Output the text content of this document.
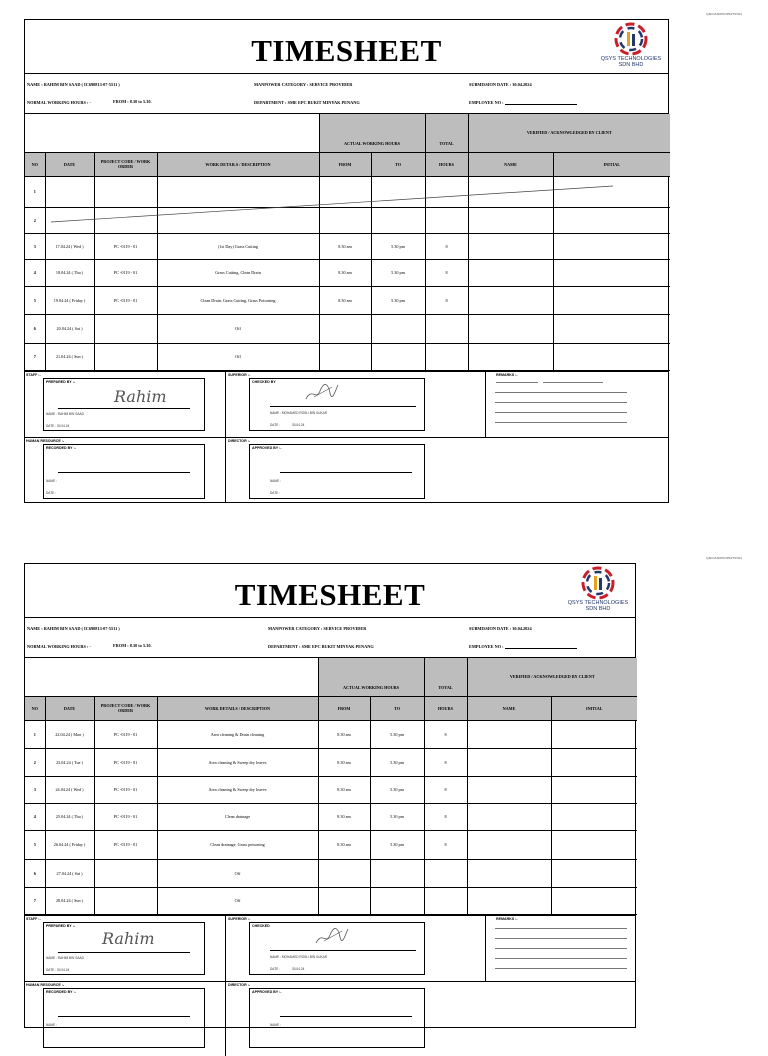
Q&FO/HR/PFORM/TS/001
Q&FO/HR/PFORM/TS/001
TIMESHEET	QSYS TECHNOLOGIES
SDN BHD
NAME : RAHIM BIN SAAD ( IC690813-07-5511 )
NORMAL WORKING HOURS : -	FROM : 8.30 to 5.30.
MANPOWER CATEGORY : SERVICE PROVIDER
DEPARTMENT : SME EPC BUKIT MINYAK PENANG
SUBMISSION DATE : 30.04.2024
EMPLOYEE NO :
				ACTUAL WORKING HOURS		TOTAL	VERIFIED / ACKNOWLEDGED BY CLIENT	
NO	DATE	PROJECT CODE / WORK ORDER	WORK DETAILS / DESCRIPTION	FROM	TO	HOURS	NAME	INITIAL
1								
2								
3	17.04.24 ( Wed )	PC -0119 - 01	(1st Day) Grass Cutting	8.30 am	5.30 pm	8		
4	18.04.24 ( Thu )	PC -0119 - 01	Grass Cutting, Clean Drain	8.30 am	5.30 pm	8		
5	19.04.24 ( Friday )	PC -0119 - 01	Clean Drain, Grass Cutting, Grass Poisoning	8.30 am	5.30 pm	8		
6	20.04.24 ( Sat )		Off					
7	21.04.24 ( Sun )		Off					
STAFF :-
PREPARED BY :-
Rahim
NAME : RAHIM BIN SAAD
DATE : 30.04.24
SUPERIOR :-
CHECKED BY
NAME : MOHAMED ROSLI BIN SUKAR
DATE :	30.04.24
REMARKS :-
HUMAN RESOURCE :-
RECORDED BY :-
NAME :
DATE :
DIRECTOR :-
APPROVED BY :-
NAME :
DATE :
TIMESHEET	QSYS TECHNOLOGIES
SDN BHD
NAME : RAHIM BIN SAAD ( IC690813-07-5511 )
NORMAL WORKING HOURS : -	FROM : 8.30 to 5.30.
MANPOWER CATEGORY : SERVICE PROVIDER
DEPARTMENT : SME EPC BUKIT MINYAK PENANG
SUBMISSION DATE : 30.04.2024
EMPLOYEE NO :
				ACTUAL WORKING HOURS		TOTAL	VERIFIED / ACKNOWLEDGED BY CLIENT	
NO	DATE	PROJECT CODE / WORK ORDER	WORK DETAILS / DESCRIPTION	FROM	TO	HOURS	NAME	INITIAL
1	22.04.24 ( Mon )	PC -0119 - 01	Area cleaning & Drain cleaning	8.30 am	5.30 pm	8		
2	23.04.24 ( Tue )	PC -0119 - 01	Area cleaning & Sweep dry leaves	8.30 am	5.30 pm	8		
3	24.04.24 ( Wed )	PC -0119 - 01	Area cleaning & Sweep dry leaves	8.30 am	5.30 pm	8		
4	25.04.24 ( Thu )	PC -0119 - 01	Clean drainage	8.30 am	5.30 pm	8		
5	26.04.24 ( Friday )	PC -0119 - 01	Clean drainage, Grass poisoning	8.30 am	5.30 pm	8		
6	27.04.24 ( Sat )		Off					
7	28.04.24 ( Sun )		Off					
STAFF :-
PREPARED BY :-
Rahim
NAME : RAHIM BIN SAAD
DATE : 30.04.24
SUPERIOR :-
CHECKED
NAME : MOHAMED ROSLI BIN SUKAR
DATE :	30.04.24
REMARKS :-
HUMAN RESOURCE :-
RECORDED BY :-
NAME :
DIRECTOR :-
APPROVED BY :-
NAME :
